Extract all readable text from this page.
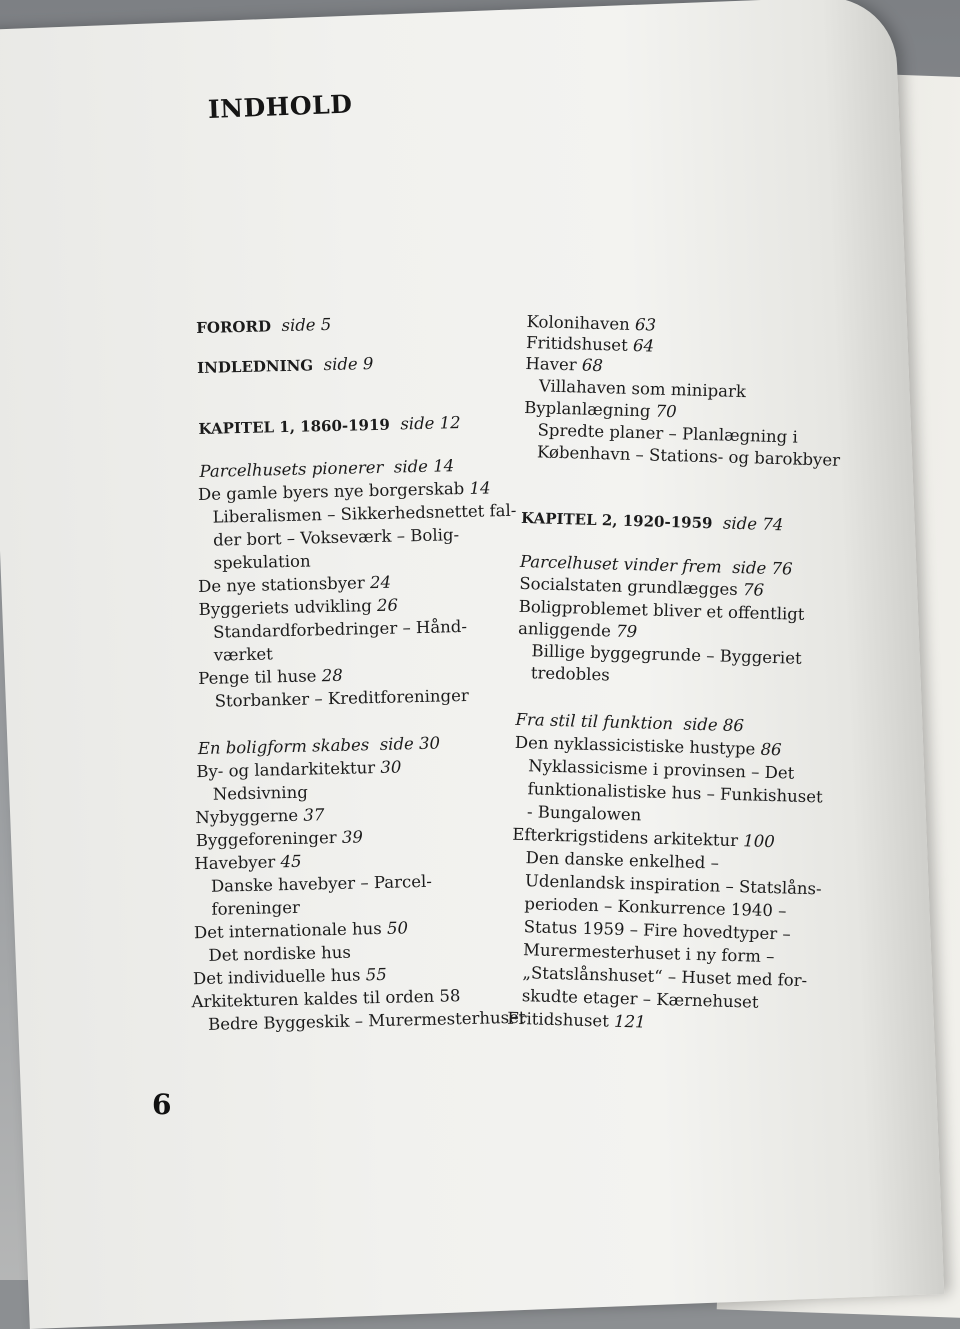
INDHOLD
FORORD side 5
INDLEDNING side 9
KAPITEL 1, 1860-1919 side 12
Parcelhusets pionerer side 14
De gamle byers nye borgerskab 14
Liberalismen – Sikkerhedsnettet fal-
der bort – Vokseværk – Bolig-
spekulation
De nye stationsbyer 24
Byggeriets udvikling 26
Standardforbedringer – Hånd-
værket
Penge til huse 28
Storbanker – Kreditforeninger
En boligform skabes side 30
By- og landarkitektur 30
Nedsivning
Nybyggerne 37
Byggeforeninger 39
Havebyer 45
Danske havebyer – Parcel-
foreninger
Det internationale hus 50
Det nordiske hus
Det individuelle hus 55
Arkitekturen kaldes til orden 58
Bedre Byggeskik – Murermesterhuset
Kolonihaven 63
Fritidshuset 64
Haver 68
Villahaven som minipark
Byplanlægning 70
Spredte planer – Planlægning i
København – Stations- og barokbyer
KAPITEL 2, 1920-1959 side 74
Parcelhuset vinder frem side 76
Socialstaten grundlægges 76
Boligproblemet bliver et offentligt
anliggende 79
Billige byggegrunde – Byggeriet
tredobles
Fra stil til funktion side 86
Den nyklassicistiske hustype 86
Nyklassicisme i provinsen – Det
funktionalistiske hus – Funkishuset
- Bungalowen
Efterkrigstidens arkitektur 100
Den danske enkelhed –
Udenlandsk inspiration – Statslåns-
perioden – Konkurrence 1940 –
Status 1959 – Fire hovedtyper –
Murermesterhuset i ny form –
„Statslånshuset“ – Huset med for-
skudte etager – Kærnehuset
Fritidshuset 121
6
